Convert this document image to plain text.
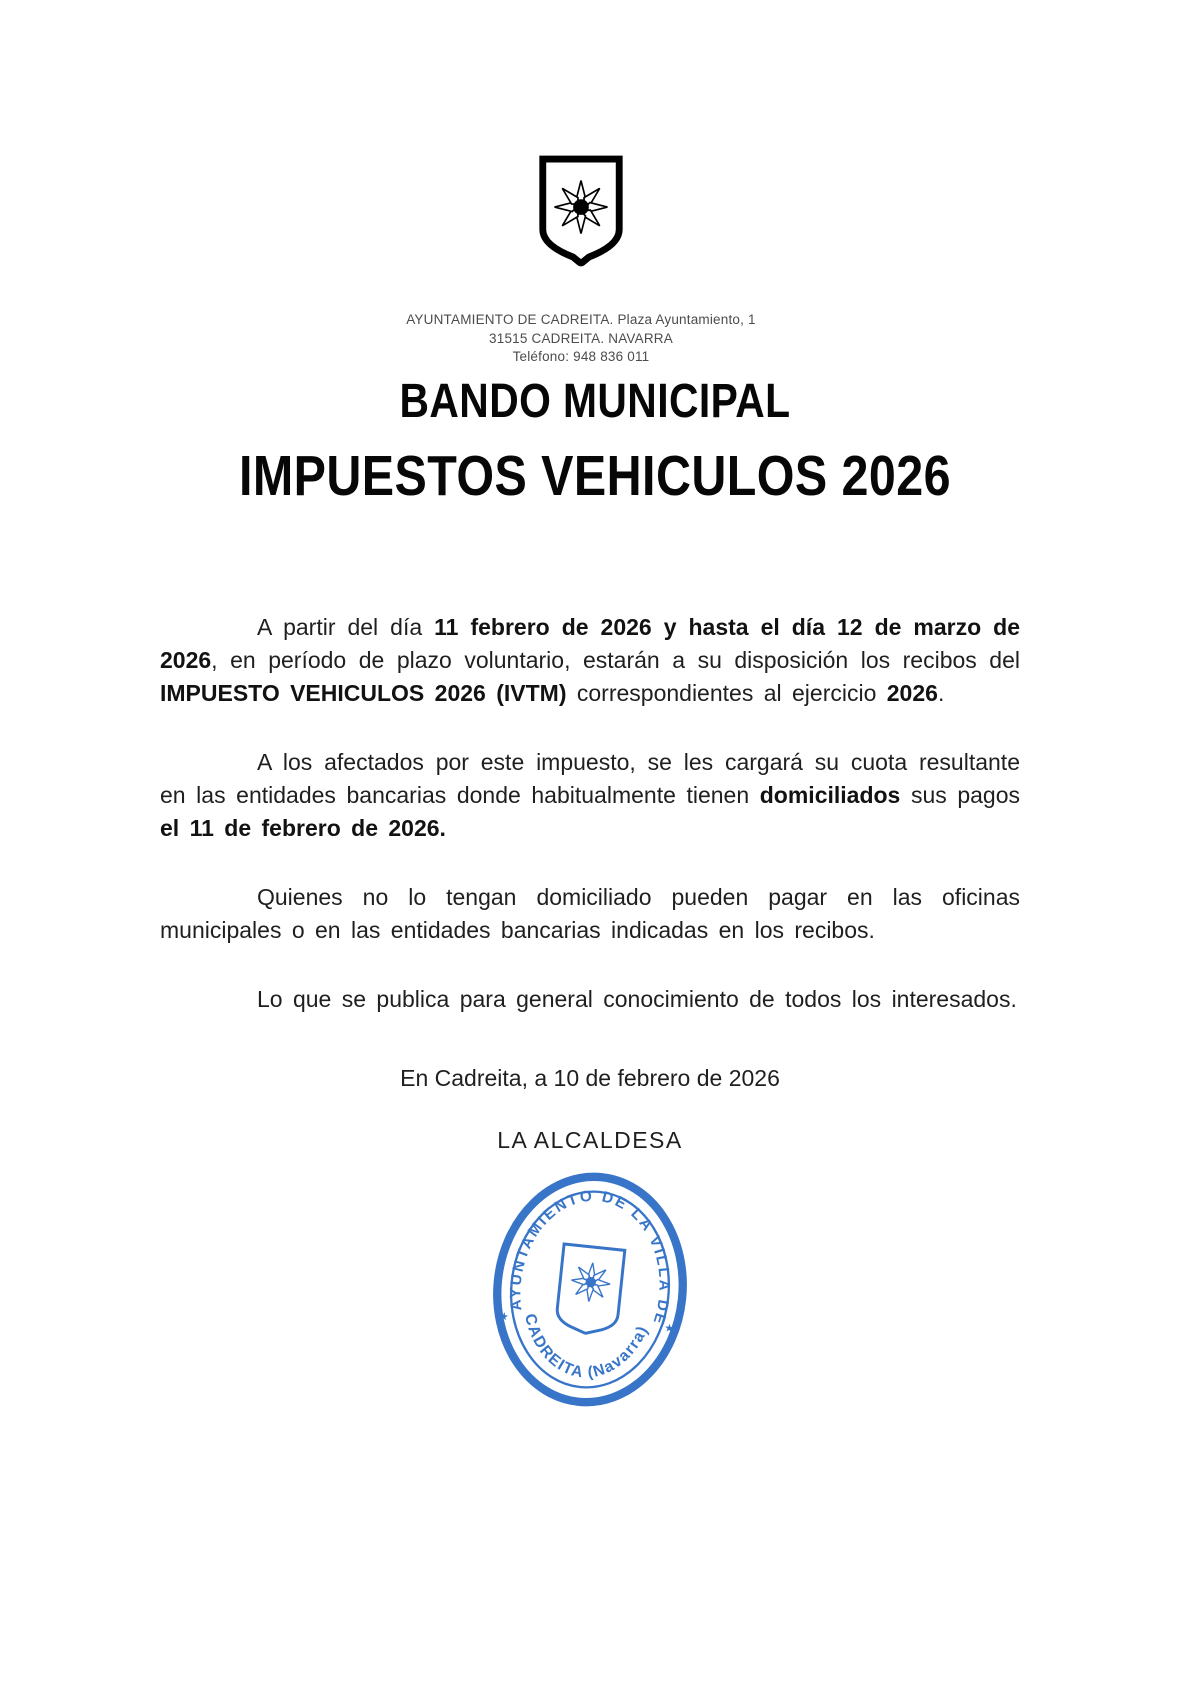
AYUNTAMIENTO DE CADREITA. Plaza Ayuntamiento, 1
31515 CADREITA. NAVARRA
Teléfono: 948 836 011
BANDO MUNICIPAL
IMPUESTOS VEHICULOS 2026

A partir del día 11 febrero de 2026 y hasta el día 12 de marzo de 2026, en período de plazo voluntario, estarán a su disposición los recibos del IMPUESTO VEHICULOS 2026 (IVTM) correspondientes al ejercicio 2026.

A los afectados por este impuesto, se les cargará su cuota resultante en las entidades bancarias donde habitualmente tienen domiciliados sus pagos el 11 de febrero de 2026.

Quienes no lo tengan domiciliado pueden pagar en las oficinas municipales o en las entidades bancarias indicadas en los recibos.

Lo que se publica para general conocimiento de todos los interesados.

En Cadreita, a 10 de febrero de 2026
LA ALCALDESA
AYUNTAMIENTO DE LA VILLA DE
CADREITA (Navarra)
★
★
